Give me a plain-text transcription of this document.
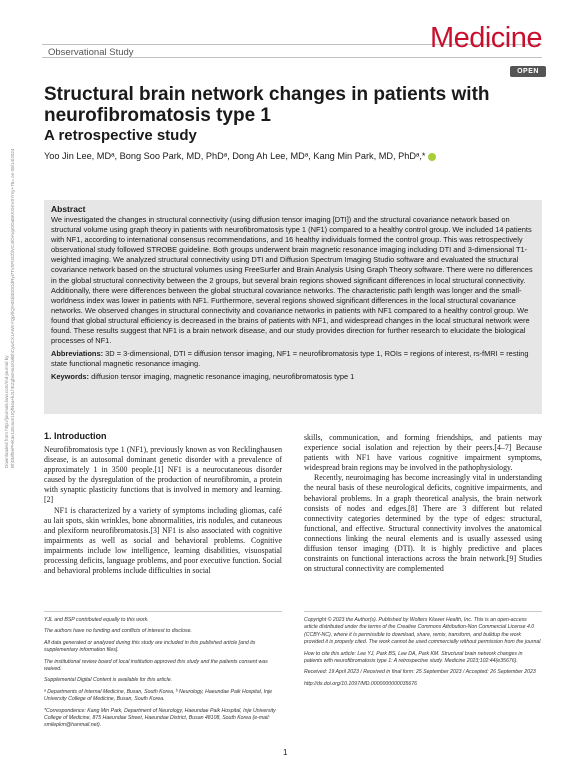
Downloaded from http://journals.lww.com/md-journal by BhDMf5ePHKav1zEoum1tQfN4a+kJLhEZgbsIHo4XMi0hCywCX1AWnYQp/IlQrHD3i3D0OdRyi7TvSFl4Cf3VC4/OAVpDDa8KKGKV0Ymy+78= on 08/14/2024
Observational Study	Medicine
OPEN
Structural brain network changes in patients with neurofibromatosis type 1
A retrospective study
Yoo Jin Lee, MDᵃ, Bong Soo Park, MD, PhDᵃ, Dong Ah Lee, MDᵃ, Kang Min Park, MD, PhDᵃ,*
Abstract

We investigated the changes in structural connectivity (using diffusion tensor imaging [DTI]) and the structural covariance network based on structural volume using graph theory in patients with neurofibromatosis type 1 (NF1) compared to a healthy control group. We included 14 patients with NF1, according to international consensus recommendations, and 16 healthy individuals formed the control group. This was retrospectively observational study followed STROBE guideline. Both groups underwent brain magnetic resonance imaging including DTI and 3-dimensional T1-weighted imaging. We analyzed structural connectivity using DTI and Diffusion Spectrum Imaging Studio software and evaluated the structural covariance network based on the structural volumes using FreeSurfer and Brain Analysis Using Graph Theory software. There were no differences in the global structural connectivity between the 2 groups, but several brain regions showed significant differences in local structural connectivity. Additionally, there were differences between the global structural covariance networks. The characteristic path length was longer and the small-worldness index was lower in patients with NF1. Furthermore, several regions showed significant differences in the local structural covariance networks. We observed changes in structural connectivity and covariance networks in patients with NF1 compared to a healthy control group. We found that global structural efficiency is decreased in the brains of patients with NF1, and widespread changes in the local structural network were found. These results suggest that NF1 is a brain network disease, and our study provides direction for further research to elucidate the biological processes of NF1.

Abbreviations: 3D = 3-dimensional, DTI = diffusion tensor imaging, NF1 = neurofibromatosis type 1, ROIs = regions of interest, rs-fMRI = resting state functional magnetic resonance imaging.

Keywords: diffusion tensor imaging, magnetic resonance imaging, neurofibromatosis type 1

1. Introduction

Neurofibromatosis type 1 (NF1), previously known as von Recklinghausen disease, is an autosomal dominant genetic disorder with a prevalence of approximately 1 in 3500 people.[1] NF1 is a neurocutaneous disorder caused by the dysregulation of the production of neurofibromin, a protein with synaptic plasticity functions that is involved in memory and learning.[2]

NF1 is characterized by a variety of symptoms including gliomas, café au lait spots, skin wrinkles, bone abnormalities, iris nodules, and cutaneous and plexiform neurofibromatosis.[3] NF1 is also associated with cognitive impairments as well as social and behavioral problems. Cognitive impairments include low intelligence, learning disabilities, visuospatial processing deficits, language problems, and poor executive function. Social and behavioral problems include difficulties in social

skills, communication, and forming friendships, and patients may experience social isolation and rejection by their peers.[4–7] Because patients with NF1 have various cognitive impairment symptoms, widespread brain regions may be involved in the pathophysiology.

Recently, neuroimaging has become increasingly vital in understanding the neural basis of these neurological deficits, cognitive impairments, and behavioral problems. In a graph theoretical analysis, the brain network consists of nodes and edges.[8] There are 3 different but related connectivity categories determined by the type of edges: structural, functional, and effective. Structural connectivity involves the anatomical connections linking the neural elements and is usually assessed using diffusion tensor imaging (DTI). It is highly predictive and places constraints on functional interactions across the brain network.[9] Studies on structural connectivity are complemented

YJL and BSP contributed equally to this work.

The authors have no funding and conflicts of interest to disclose.

All data generated or analyzed during this study are included in this published article [and its supplementary information files].

The institutional review board of local institution approved this study and the patients consent was waived.

Supplemental Digital Content is available for this article.

ᵃ Departments of Internal Medicine, Busan, South Korea, ᵇ Neurology, Haeundae Paik Hospital, Inje University College of Medicine, Busan, South Korea.

*Correspondence: Kang Min Park, Department of Neurology, Haeundae Paik Hospital, Inje University College of Medicine, 875 Haeundae Street, Haeundae District, Busan 48108, South Korea (e-mail: smilepkm@hanmail.net).

Copyright © 2023 the Author(s). Published by Wolters Kluwer Health, Inc. This is an open-access article distributed under the terms of the Creative Commons Attribution-Non Commercial License 4.0 (CCBY-NC), where it is permissible to download, share, remix, transform, and buildup the work provided it is properly cited. The work cannot be used commercially without permission from the journal.

How to cite this article: Lee YJ, Park BS, Lee DA, Park KM. Structural brain network changes in patients with neurofibromatosis type 1: A retrospective study. Medicine 2023;102:44(e35676).

Received: 19 April 2023 / Received in final form: 25 September 2023 / Accepted: 26 September 2023

http://dx.doi.org/10.1097/MD.0000000000035676

1
